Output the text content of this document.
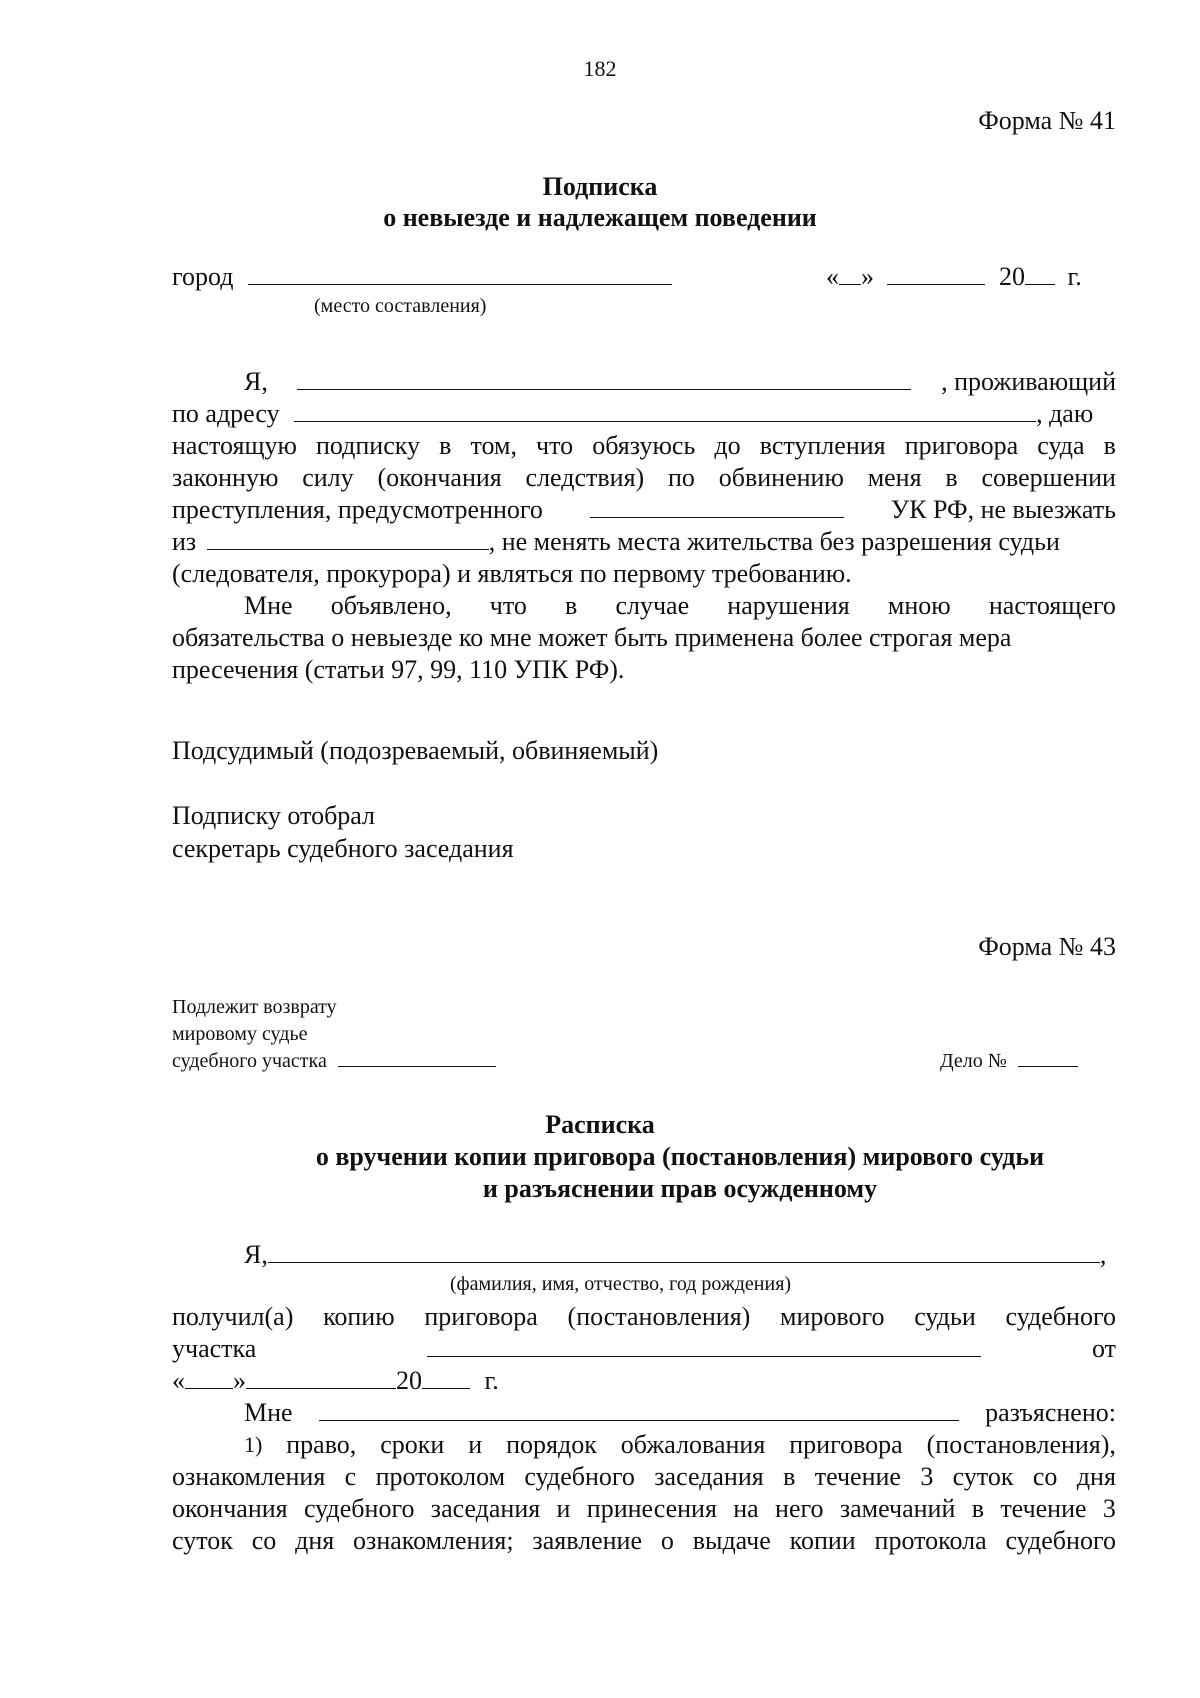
182
Форма № 41
Подписка
о невыезде и надлежащем поведении
город	« »	20 г.
(место составления)
Я,	, проживающий
по адресу	, даю
настоящую подписку в том, что обязуюсь до вступления приговора суда в
законную силу (окончания следствия) по обвинению меня в совершении
преступления, предусмотренного	УК РФ, не выезжать
из	, не менять места жительства без разрешения судьи
(следователя, прокурора) и являться по первому требованию.
Мне объявлено, что в случае нарушения мною настоящего
обязательства о невыезде ко мне может быть применена более строгая мера
пресечения (статьи 97, 99, 110 УПК РФ).
Подсудимый (подозреваемый, обвиняемый)
Подписку отобрал
секретарь судебного заседания
Форма № 43
Подлежит возврату
мировому судье
судебного участка	Дело №
Расписка
о вручении копии приговора (постановления) мирового судьи
и разъяснении прав осужденному
Я,	,
(фамилия, имя, отчество, год рождения)
получил(а) копию приговора (постановления) мирового судьи судебного
участка	от
« »	20 г.
Мне	разъяснено:
1) право, сроки и порядок обжалования приговора (постановления),
ознакомления с протоколом судебного заседания в течение 3 суток со дня
окончания судебного заседания и принесения на него замечаний в течение 3
суток со дня ознакомления; заявление о выдаче копии протокола судебного
